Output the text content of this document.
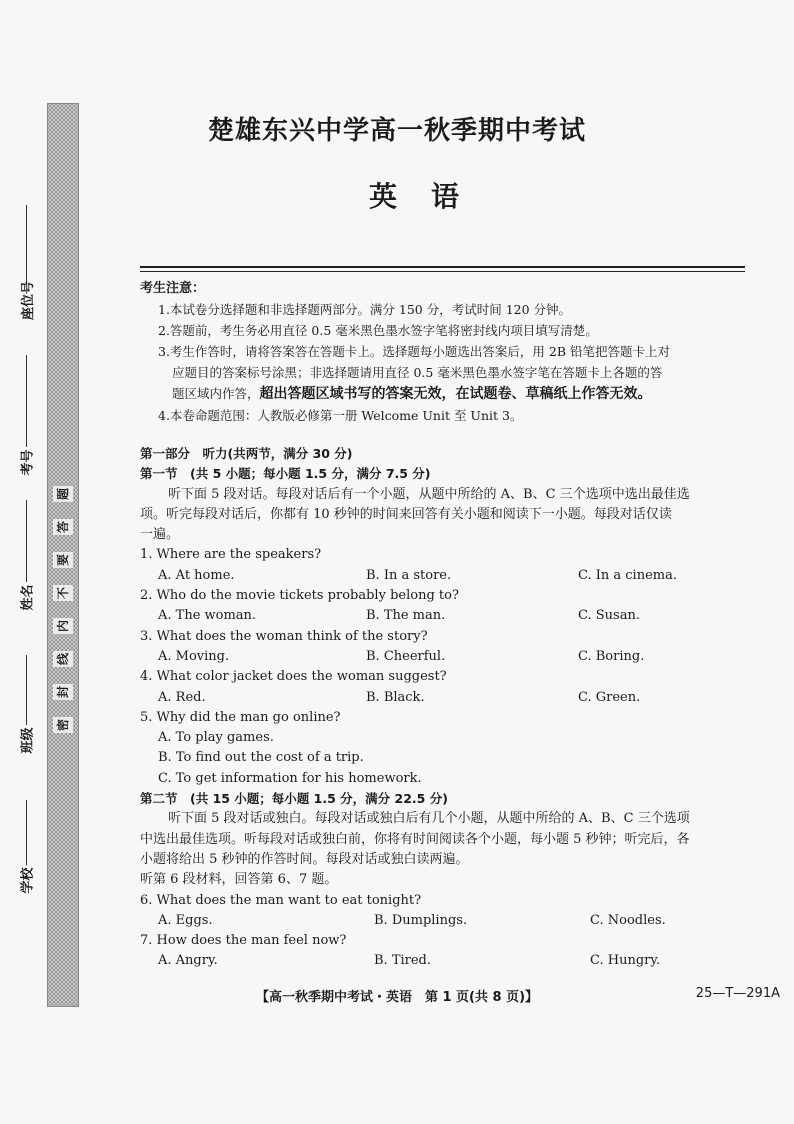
题
答
要
不
内
线
封
密
座位号
考号
姓名
班级
学校
楚雄东兴中学高一秋季期中考试
英语
考生注意：
1.本试卷分选择题和非选择题两部分。满分 150 分，考试时间 120 分钟。
2.答题前，考生务必用直径 0.5 毫米黑色墨水签字笔将密封线内项目填写清楚。
3.考生作答时，请将答案答在答题卡上。选择题每小题选出答案后，用 2B 铅笔把答题卡上对
应题目的答案标号涂黑；非选择题请用直径 0.5 毫米黑色墨水签字笔在答题卡上各题的答
题区域内作答，超出答题区域书写的答案无效，在试题卷、草稿纸上作答无效。
4.本卷命题范围：人教版必修第一册 Welcome Unit 至 Unit 3。
第一部分　听力(共两节，满分 30 分)
第一节　(共 5 小题；每小题 1.5 分，满分 7.5 分)
听下面 5 段对话。每段对话后有一个小题，从题中所给的 A、B、C 三个选项中选出最佳选
项。听完每段对话后，你都有 10 秒钟的时间来回答有关小题和阅读下一小题。每段对话仅读
一遍。
1. Where are the speakers?
A. At home.	B. In a store.	C. In a cinema.
2. Who do the movie tickets probably belong to?
A. The woman.	B. The man.	C. Susan.
3. What does the woman think of the story?
A. Moving.	B. Cheerful.	C. Boring.
4. What color jacket does the woman suggest?
A. Red.	B. Black.	C. Green.
5. Why did the man go online?
A. To play games.
B. To find out the cost of a trip.
C. To get information for his homework.
第二节　(共 15 小题；每小题 1.5 分，满分 22.5 分)
听下面 5 段对话或独白。每段对话或独白后有几个小题，从题中所给的 A、B、C 三个选项
中选出最佳选项。听每段对话或独白前，你将有时间阅读各个小题，每小题 5 秒钟；听完后，各
小题将给出 5 秒钟的作答时间。每段对话或独白读两遍。
听第 6 段材料，回答第 6、7 题。
6. What does the man want to eat tonight?
A. Eggs.	B. Dumplings.	C. Noodles.
7. How does the man feel now?
A. Angry.	B. Tired.	C. Hungry.
【高一秋季期中考试・英语　第 1 页(共 8 页)】	25—T—291A
